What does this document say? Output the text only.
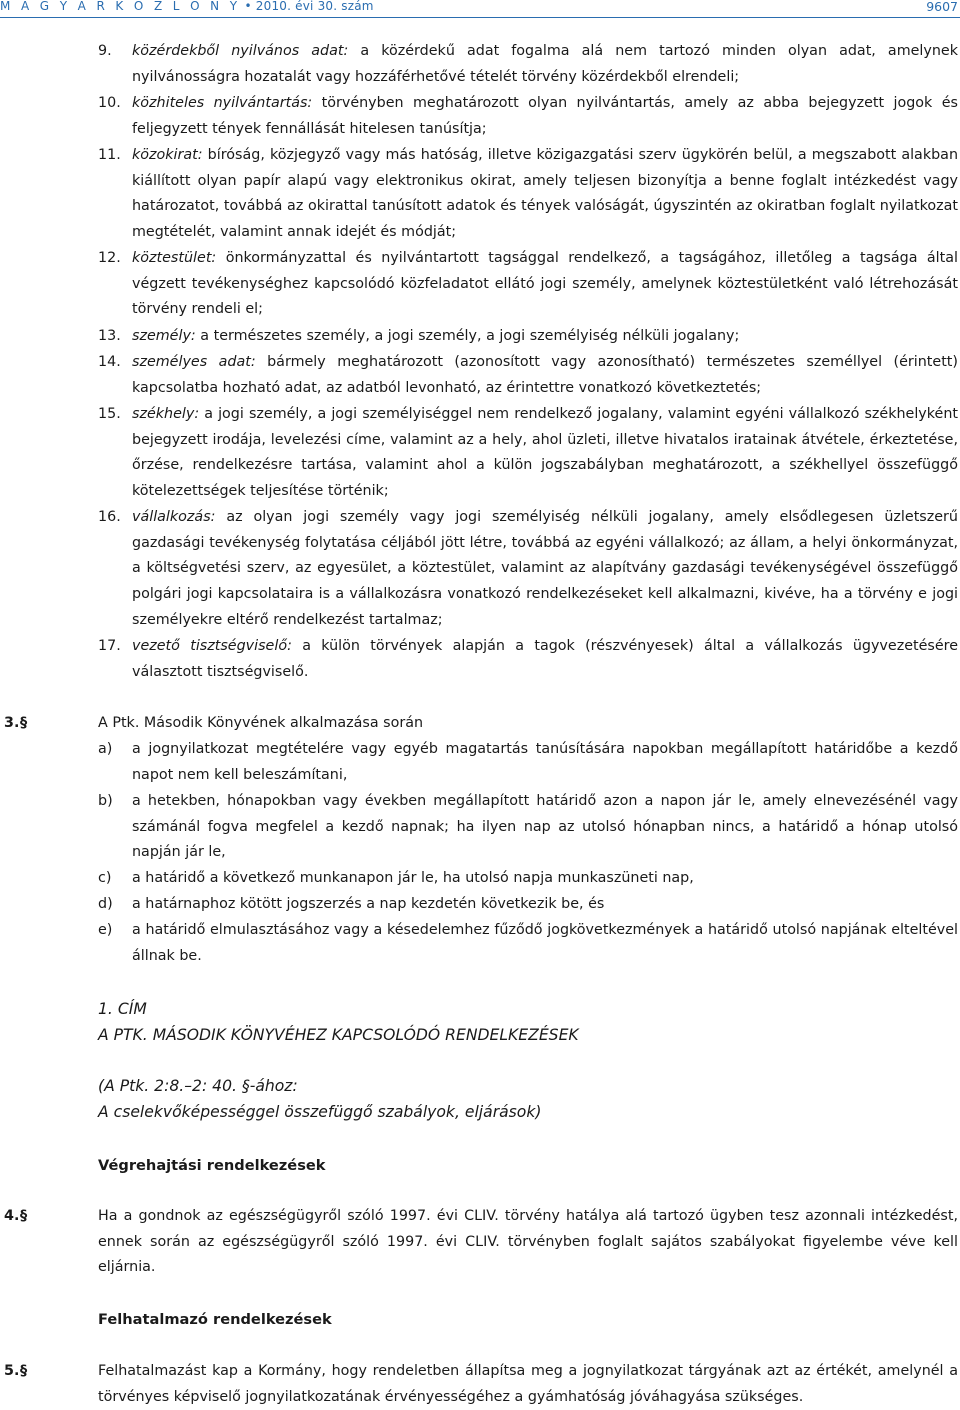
M A G Y A R K Ö Z L Ö N Y • 2010. évi 30. szám	9607
9. közérdekből nyilvános adat: a közérdekű adat fogalma alá nem tartozó minden olyan adat, amelynek nyilvánosságra hozatalát vagy hozzáférhetővé tételét törvény közérdekből elrendeli;
10. közhiteles nyilvántartás: törvényben meghatározott olyan nyilvántartás, amely az abba bejegyzett jogok és feljegyzett tények fennállását hitelesen tanúsítja;
11. közokirat: bíróság, közjegyző vagy más hatóság, illetve közigazgatási szerv ügykörén belül, a megszabott alakban kiállított olyan papír alapú vagy elektronikus okirat, amely teljesen bizonyítja a benne foglalt intézkedést vagy határozatot, továbbá az okirattal tanúsított adatok és tények valóságát, úgyszintén az okiratban foglalt nyilatkozat megtételét, valamint annak idejét és módját;
12. köztestület: önkormányzattal és nyilvántartott tagsággal rendelkező, a tagságához, illetőleg a tagsága által végzett tevékenységhez kapcsolódó közfeladatot ellátó jogi személy, amelynek köztestületként való létrehozását törvény rendeli el;
13. személy: a természetes személy, a jogi személy, a jogi személyiség nélküli jogalany;
14. személyes adat: bármely meghatározott (azonosított vagy azonosítható) természetes személlyel (érintett) kapcsolatba hozható adat, az adatból levonható, az érintettre vonatkozó következtetés;
15. székhely: a jogi személy, a jogi személyiséggel nem rendelkező jogalany, valamint egyéni vállalkozó székhelyként bejegyzett irodája, levelezési címe, valamint az a hely, ahol üzleti, illetve hivatalos iratainak átvétele, érkeztetése, őrzése, rendelkezésre tartása, valamint ahol a külön jogszabályban meghatározott, a székhellyel összefüggő kötelezettségek teljesítése történik;
16. vállalkozás: az olyan jogi személy vagy jogi személyiség nélküli jogalany, amely elsődlegesen üzletszerű gazdasági tevékenység folytatása céljából jött létre, továbbá az egyéni vállalkozó; az állam, a helyi önkormányzat, a költségvetési szerv, az egyesület, a köztestület, valamint az alapítvány gazdasági tevékenységével összefüggő polgári jogi kapcsolataira is a vállalkozásra vonatkozó rendelkezéseket kell alkalmazni, kivéve, ha a törvény e jogi személyekre eltérő rendelkezést tartalmaz;
17. vezető tisztségviselő: a külön törvények alapján a tagok (részvényesek) által a vállalkozás ügyvezetésére választott tisztségviselő.
3. §	A Ptk. Második Könyvének alkalmazása során
a) a jognyilatkozat megtételére vagy egyéb magatartás tanúsítására napokban megállapított határidőbe a kezdő napot nem kell beleszámítani,
b) a hetekben, hónapokban vagy években megállapított határidő azon a napon jár le, amely elnevezésénél vagy számánál fogva megfelel a kezdő napnak; ha ilyen nap az utolsó hónapban nincs, a határidő a hónap utolsó napján jár le,
c) a határidő a következő munkanapon jár le, ha utolsó napja munkaszüneti nap,
d) a határnaphoz kötött jogszerzés a nap kezdetén következik be, és
e) a határidő elmulasztásához vagy a késedelemhez fűződő jogkövetkezmények a határidő utolsó napjának elteltével állnak be.
1. CÍM
A PTK. MÁSODIK KÖNYVÉHEZ KAPCSOLÓDÓ RENDELKEZÉSEK
(A Ptk. 2:8.–2: 40. §-ához:
A cselekvőképességgel összefüggő szabályok, eljárások)
Végrehajtási rendelkezések
4. §	Ha a gondnok az egészségügyről szóló 1997. évi CLIV. törvény hatálya alá tartozó ügyben tesz azonnali intézkedést, ennek során az egészségügyről szóló 1997. évi CLIV. törvényben foglalt sajátos szabályokat figyelembe véve kell eljárnia.
Felhatalmazó rendelkezések
5. §	Felhatalmazást kap a Kormány, hogy rendeletben állapítsa meg a jognyilatkozat tárgyának azt az értékét, amelynél a törvényes képviselő jognyilatkozatának érvényességéhez a gyámhatóság jóváhagyása szükséges.
